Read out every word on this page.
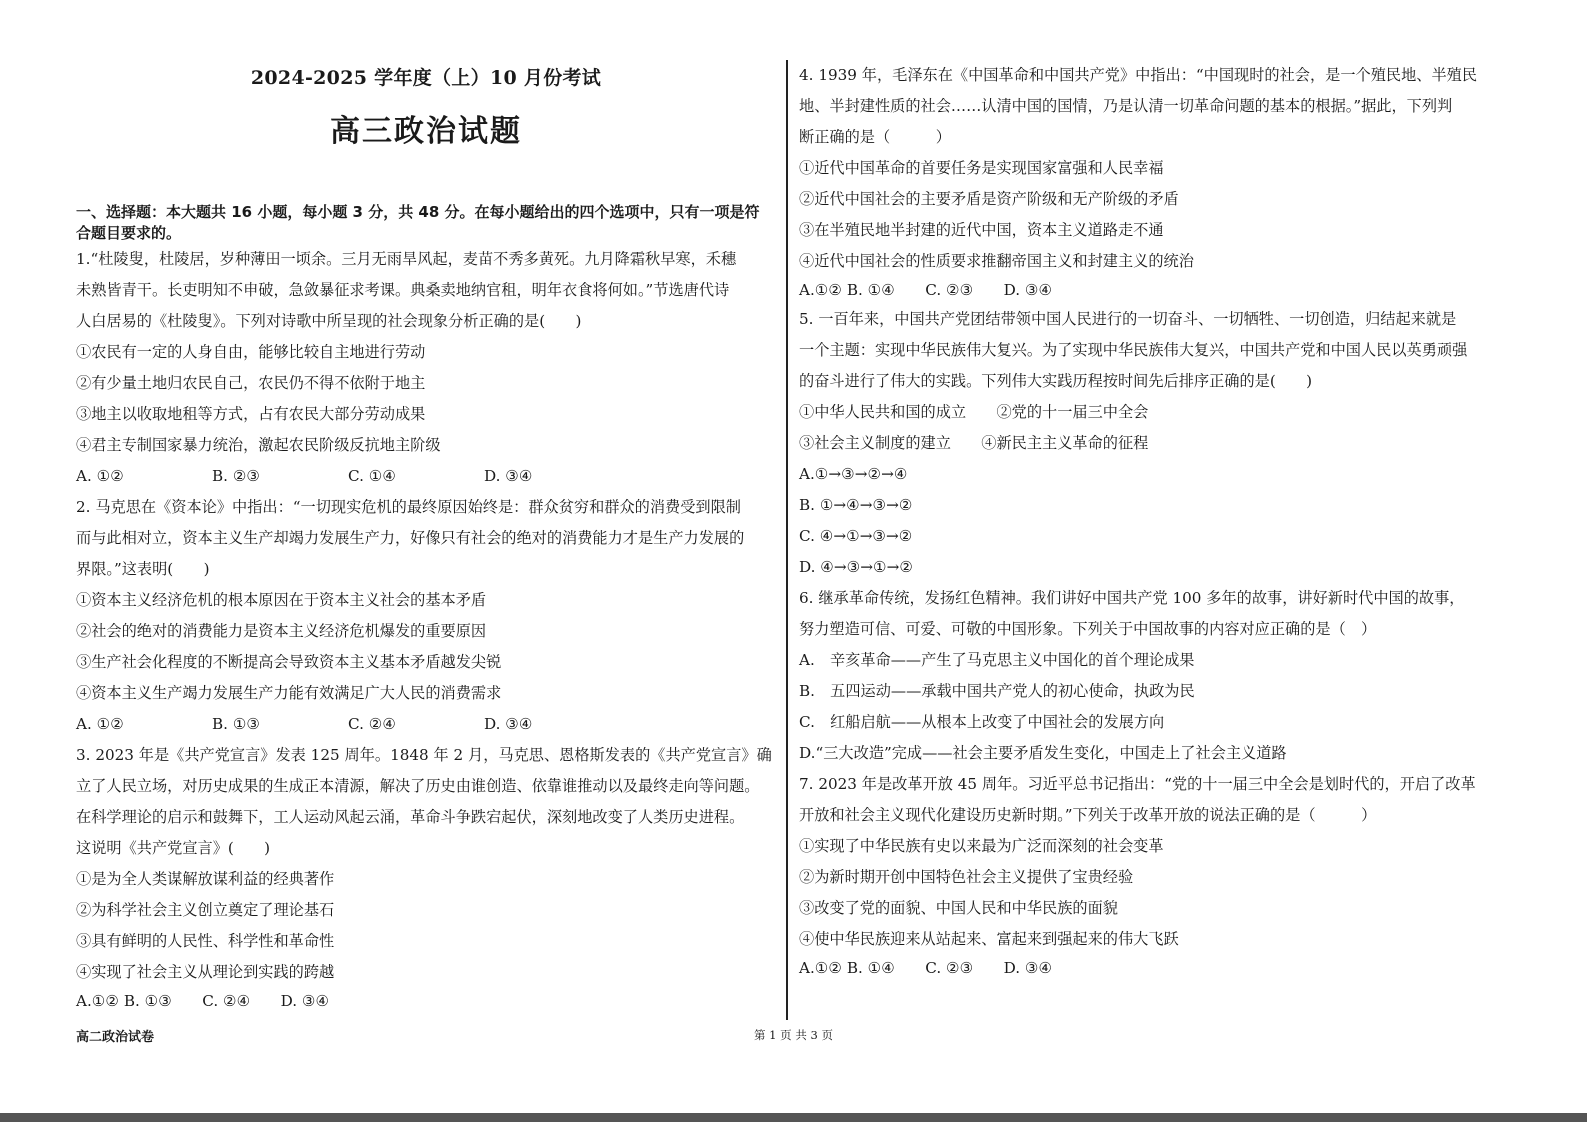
2024-2025 学年度（上）10 月份考试
高三政治试题
一、选择题：本大题共 16 小题，每小题 3 分，共 48 分。在每小题给出的四个选项中，只有一项是符
合题目要求的。
1.“杜陵叟，杜陵居，岁种薄田一顷余。三月无雨旱风起，麦苗不秀多黄死。九月降霜秋早寒，禾穗
未熟皆青干。长吏明知不申破，急敛暴征求考课。典桑卖地纳官租，明年衣食将何如。”节选唐代诗
人白居易的《杜陵叟》。下列对诗歌中所呈现的社会现象分析正确的是(　　)
①农民有一定的人身自由，能够比较自主地进行劳动
②有少量土地归农民自己，农民仍不得不依附于地主
③地主以收取地租等方式，占有农民大部分劳动成果
④君主专制国家暴力统治，激起农民阶级反抗地主阶级
A. ①②	B. ②③	C. ①④	D. ③④
2. 马克思在《资本论》中指出：“一切现实危机的最终原因始终是：群众贫穷和群众的消费受到限制
而与此相对立，资本主义生产却竭力发展生产力，好像只有社会的绝对的消费能力才是生产力发展的
界限。”这表明(　　)
①资本主义经济危机的根本原因在于资本主义社会的基本矛盾
②社会的绝对的消费能力是资本主义经济危机爆发的重要原因
③生产社会化程度的不断提高会导致资本主义基本矛盾越发尖锐
④资本主义生产竭力发展生产力能有效满足广大人民的消费需求
A. ①②	B. ①③	C. ②④	D. ③④
3. 2023 年是《共产党宣言》发表 125 周年。1848 年 2 月，马克思、恩格斯发表的《共产党宣言》确
立了人民立场，对历史成果的生成正本清源，解决了历史由谁创造、依靠谁推动以及最终走向等问题。
在科学理论的启示和鼓舞下，工人运动风起云涌，革命斗争跌宕起伏，深刻地改变了人类历史进程。
这说明《共产党宣言》(　　)
①是为全人类谋解放谋利益的经典著作
②为科学社会主义创立奠定了理论基石
③具有鲜明的人民性、科学性和革命性
④实现了社会主义从理论到实践的跨越
A.①② B. ①③　　C. ②④　　D. ③④
4. 1939 年，毛泽东在《中国革命和中国共产党》中指出：“中国现时的社会，是一个殖民地、半殖民
地、半封建性质的社会……认清中国的国情，乃是认清一切革命问题的基本的根据。”据此，下列判
断正确的是（　　　）
①近代中国革命的首要任务是实现国家富强和人民幸福
②近代中国社会的主要矛盾是资产阶级和无产阶级的矛盾
③在半殖民地半封建的近代中国，资本主义道路走不通
④近代中国社会的性质要求推翻帝国主义和封建主义的统治
A.①② B. ①④　　C. ②③　　D. ③④
5. 一百年来，中国共产党团结带领中国人民进行的一切奋斗、一切牺牲、一切创造，归结起来就是
一个主题：实现中华民族伟大复兴。为了实现中华民族伟大复兴，中国共产党和中国人民以英勇顽强
的奋斗进行了伟大的实践。下列伟大实践历程按时间先后排序正确的是(　　)
①中华人民共和国的成立　　②党的十一届三中全会
③社会主义制度的建立　　④新民主主义革命的征程
A.①→③→②→④
B. ①→④→③→②
C. ④→①→③→②
D. ④→③→①→②
6. 继承革命传统，发扬红色精神。我们讲好中国共产党 100 多年的故事，讲好新时代中国的故事，
努力塑造可信、可爱、可敬的中国形象。下列关于中国故事的内容对应正确的是（　）
A.　辛亥革命——产生了马克思主义中国化的首个理论成果
B.　五四运动——承载中国共产党人的初心使命，执政为民
C.　红船启航——从根本上改变了中国社会的发展方向
D.“三大改造”完成——社会主要矛盾发生变化，中国走上了社会主义道路
7. 2023 年是改革开放 45 周年。习近平总书记指出：“党的十一届三中全会是划时代的，开启了改革
开放和社会主义现代化建设历史新时期。”下列关于改革开放的说法正确的是（　　　）
①实现了中华民族有史以来最为广泛而深刻的社会变革
②为新时期开创中国特色社会主义提供了宝贵经验
③改变了党的面貌、中国人民和中华民族的面貌
④使中华民族迎来从站起来、富起来到强起来的伟大飞跃
A.①② B. ①④　　C. ②③　　D. ③④
高二政治试卷	第 1 页 共 3 页
